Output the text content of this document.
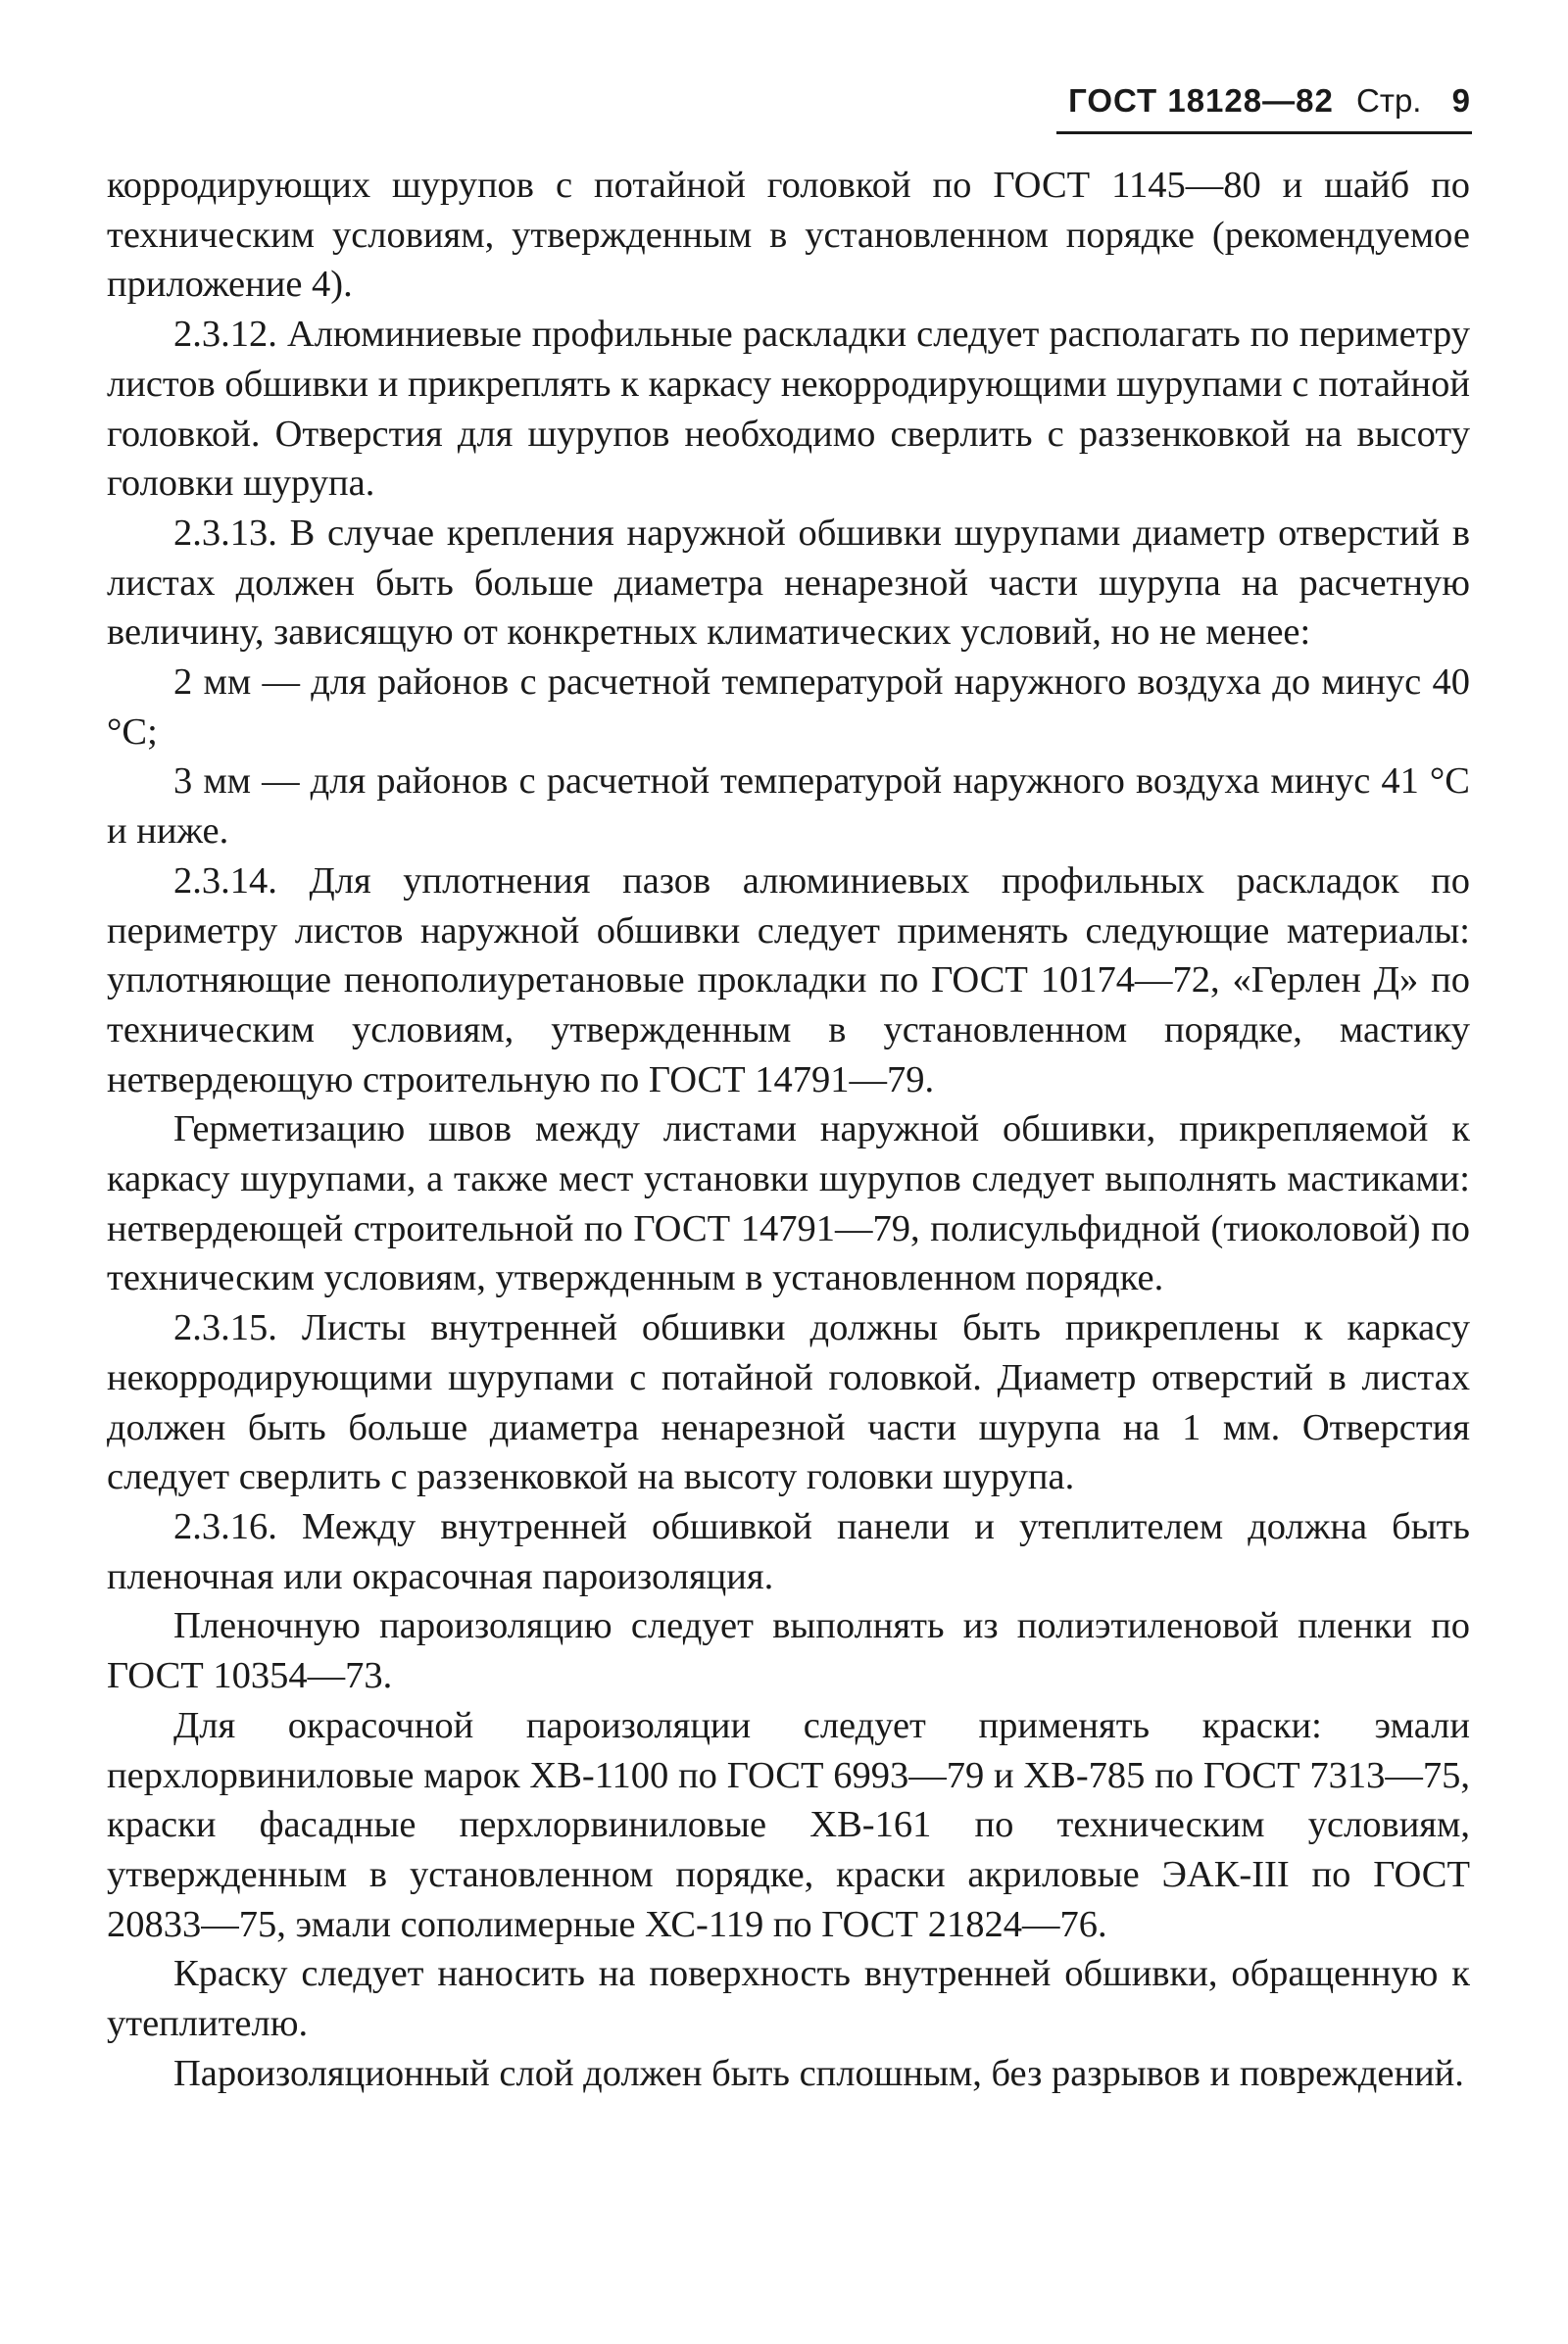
ГОСТ 18128—82 Стр. 9

корродирующих шурупов с потайной головкой по ГОСТ 1145—80 и шайб по техническим условиям, утвержденным в установленном порядке (рекомендуемое приложение 4).

2.3.12. Алюминиевые профильные раскладки следует располагать по периметру листов обшивки и прикреплять к каркасу некорродирующими шурупами с потайной головкой. Отверстия для шурупов необходимо сверлить с раззенковкой на высоту головки шурупа.

2.3.13. В случае крепления наружной обшивки шурупами диаметр отверстий в листах должен быть больше диаметра ненарезной части шурупа на расчетную величину, зависящую от конкретных климатических условий, но не менее:

2 мм — для районов с расчетной температурой наружного воздуха до минус 40 °С;

3 мм — для районов с расчетной температурой наружного воздуха минус 41 °С и ниже.

2.3.14. Для уплотнения пазов алюминиевых профильных раскладок по периметру листов наружной обшивки следует применять следующие материалы: уплотняющие пенополиуретановые прокладки по ГОСТ 10174—72, «Герлен Д» по техническим условиям, утвержденным в установленном порядке, мастику нетвердеющую строительную по ГОСТ 14791—79.

Герметизацию швов между листами наружной обшивки, прикрепляемой к каркасу шурупами, а также мест установки шурупов следует выполнять мастиками: нетвердеющей строительной по ГОСТ 14791—79, полисульфидной (тиоколовой) по техническим условиям, утвержденным в установленном порядке.

2.3.15. Листы внутренней обшивки должны быть прикреплены к каркасу некорродирующими шурупами с потайной головкой. Диаметр отверстий в листах должен быть больше диаметра ненарезной части шурупа на 1 мм. Отверстия следует сверлить с раззенковкой на высоту головки шурупа.

2.3.16. Между внутренней обшивкой панели и утеплителем должна быть пленочная или окрасочная пароизоляция.

Пленочную пароизоляцию следует выполнять из полиэтиленовой пленки по ГОСТ 10354—73.

Для окрасочной пароизоляции следует применять краски: эмали перхлорвиниловые марок ХВ-1100 по ГОСТ 6993—79 и ХВ-785 по ГОСТ 7313—75, краски фасадные перхлорвиниловые ХВ-161 по техническим условиям, утвержденным в установленном порядке, краски акриловые ЭАК-III по ГОСТ 20833—75, эмали сополимерные ХС-119 по ГОСТ 21824—76.

Краску следует наносить на поверхность внутренней обшивки, обращенную к утеплителю.

Пароизоляционный слой должен быть сплошным, без разрывов и повреждений.
